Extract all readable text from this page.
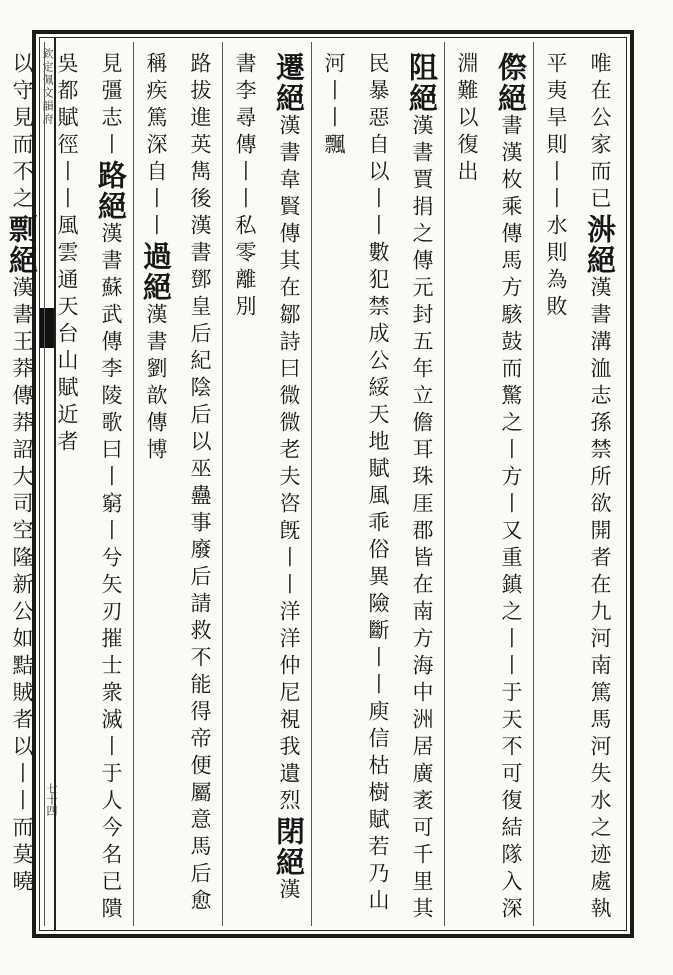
欽定佩文韻府
七十四
唯在公家而已㳤絕漢書溝洫志孫禁所欲開者在九河南篤馬河失水之迹處執平夷旱則丨丨水則為敗
傺絕書漢枚乘傳馬方駭鼓而驚之丨方丨又重鎮之丨丨于天不可復結隊入深淵難以復出
阻絕漢書賈捐之傳元封五年立儋耳珠厓郡皆在南方海中洲居廣袤可千里其民暴惡自以丨丨數犯禁成公綏天地賦風乖俗異險斷丨丨庾信枯樹賦若乃山河丨丨飄
遷絕漢書韋賢傳其在鄒詩曰微微老夫咨旣丨丨洋洋仲尼視我遺烈閉絕漢書李尋傳丨丨私零離別
路拔進英雋後漢書鄧皇后紀陰后以巫蠱事廢后請救不能得帝便屬意馬后愈稱疾篤深自丨丨過絕漢書劉歆傳博
見彊志丨路絕漢書蘇武傳李陵歌曰丨窮丨兮矢刃摧士衆滅丨于人今名已隤吳都賦徑丨丨風雲通天台山賦近者
以守見而不之剽絕漢書王莽傳莽詔大司空隆新公如黠賊者以丨丨而莫曉
